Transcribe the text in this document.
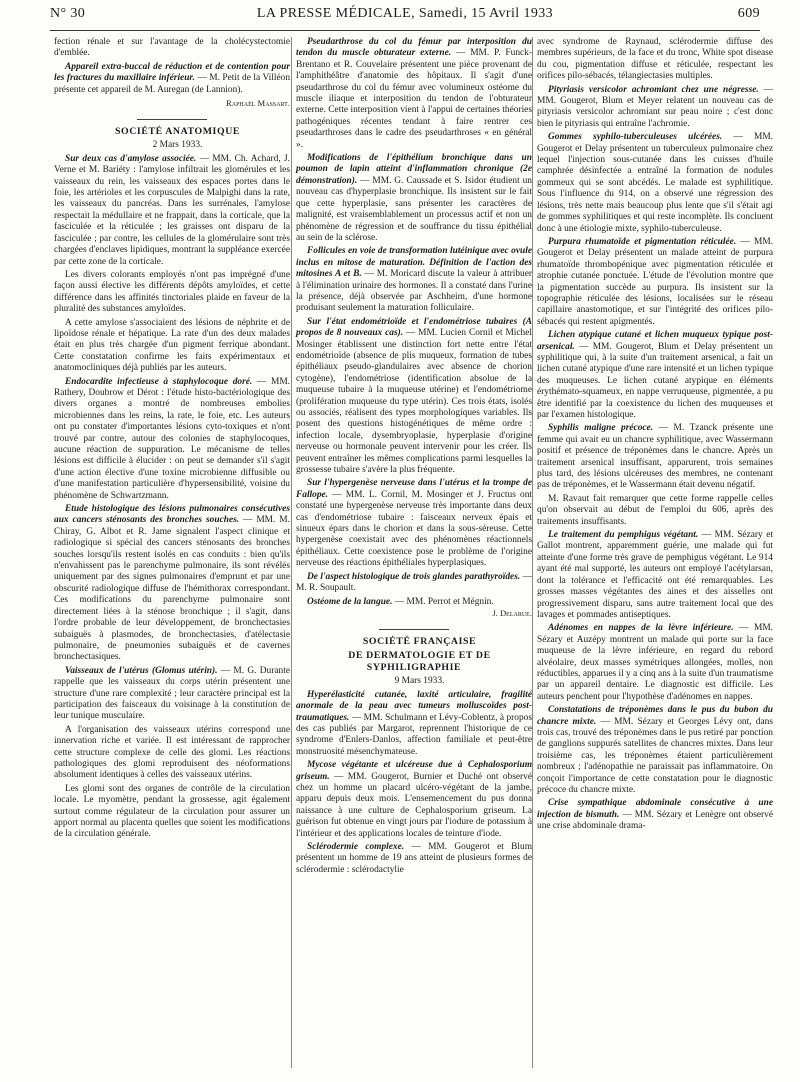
N° 30	LA PRESSE MÉDICALE, Samedi, 15 Avril 1933	609

fection rénale et sur l'avantage de la cholécystectomie d'emblée.

Appareil extra-buccal de réduction et de contention pour les fractures du maxillaire inférieur. — M. Petit de la Villéon présente cet appareil de M. Auregan (de Lannion).

Raphaël Massart.

SOCIÉTÉ ANATOMIQUE

2 Mars 1933.

Sur deux cas d'amylose associée. — MM. Ch. Achard, J. Verne et M. Bariéty : l'amylose infiltrait les glomérules et les vaisseaux du rein, les vaisseaux des espaces portes dans le foie, les artérioles et les corpuscules de Malpighi dans la rate, les vaisseaux du pancréas. Dans les surrénales, l'amylose respectait la médullaire et ne frappait, dans la corticale, que la fasciculée et la réticulée ; les graisses ont disparu de la fasciculée ; par contre, les cellules de la glomérulaire sont très chargées d'enclaves lipidiques, montrant la suppléance exercée par cette zone de la corticale.

Les divers colorants employés n'ont pas imprégné d'une façon aussi élective les différents dépôts amyloïdes, et cette différence dans les affinités tinctoriales plaide en faveur de la pluralité des substances amyloïdes.

A cette amylose s'associaient des lésions de néphrite et de lipoïdose rénale et hépatique. La rate d'un des deux malades était en plus très chargée d'un pigment ferrique abondant. Cette constatation confirme les faits expérimentaux et anatomocliniques déjà publiés par les auteurs.

Endocardite infectieuse à staphylocoque doré. — MM. Rathery, Doubrow et Dérot : l'étude histo-bactériologique des divers organes a montré de nombreuses embolies microbiennes dans les reins, la rate, le foie, etc. Les auteurs ont pu constater d'importantes lésions cyto-toxiques et n'ont trouvé par contre, autour des colonies de staphylocoques, aucune réaction de suppuration. Le mécanisme de telles lésions est difficile à élucider : on peut se demander s'il s'agit d'une action élective d'une toxine microbienne diffusible ou d'une manifestation particulière d'hypersensibilité, voisine du phénomène de Schwartzmann.

Etude histologique des lésions pulmonaires consécutives aux cancers sténosants des bronches souches. — MM. M. Chiray, G. Albot et R. Jame signalent l'aspect clinique et radiologique si spécial des cancers sténosants des bronches souches lorsqu'ils restent isolés en cas conduits : bien qu'ils n'envahissent pas le parenchyme pulmonaire, ils sont révélés uniquement par des signes pulmonaires d'emprunt et par une obscurité radiologique diffuse de l'hémithorax correspondant. Ces modifications du parenchyme pulmonaire sont directement liées à la sténose bronchique ; il s'agit, dans l'ordre probable de leur développement, de bronchectasies subaiguës à plasmodes, de bronchectasies, d'atélectasie pulmonaire, de pneumonies subaiguës et de cavernes bronchectasiques.

Vaisseaux de l'utérus (Glomus utérin). — M. G. Durante rappelle que les vaisseaux du corps utérin présentent une structure d'une rare complexité ; leur caractère principal est la participation des faisceaux du voisinage à la constitution de leur tunique musculaire.

A l'organisation des vaisseaux utérins correspond une innervation riche et variée. Il est intéressant de rapprocher cette structure complexe de celle des glomi. Les réactions pathologiques des glomi reproduisent des néoformations absolument identiques à celles des vaisseaux utérins.

Les glomi sont des organes de contrôle de la circulation locale. Le myomètre, pendant la grossesse, agit également surtout comme régulateur de la circulation pour assurer un apport normal au placenta quelles que soient les modifications de la circulation générale.

Pseudarthrose du col du fémur par interposition du tendon du muscle obturateur externe. — MM. P. Funck-Brentano et R. Couvelaire présentent une pièce provenant de l'amphithéâtre d'anatomie des hôpitaux. Il s'agit d'une pseudarthrose du col du fémur avec volumineux ostéome du muscle iliaque et interposition du tendon de l'obturateur externe. Cette interposition vient à l'appui de certaines théories pathogéniques récentes tendant à faire rentrer ces pseudarthroses dans le cadre des pseudarthroses « en général ».

Modifications de l'épithélium bronchique dans un poumon de lapin atteint d'inflammation chronique (2e démonstration). — MM. G. Caussade et S. Isidor étudient un nouveau cas d'hyperplasie bronchique. Ils insistent sur le fait que cette hyperplasie, sans présenter les caractères de malignité, est vraisemblablement un processus actif et non un phénomène de régression et de souffrance du tissu épithélial au sein de la sclérose.

Follicules en voie de transformation lutéinique avec ovule inclus en mitose de maturation. Définition de l'action des mitosines A et B. — M. Moricard discute la valeur à attribuer à l'élimination urinaire des hormones. Il a constaté dans l'urine la présence, déjà observée par Aschheim, d'une hormone produisant seulement la maturation folliculaire.

Sur l'état endométrioïde et l'endométriose tubaires (A propos de 8 nouveaux cas). — MM. Lucien Cornil et Michel Mosinger établissent une distinction fort nette entre l'état endométrioïde (absence de plis muqueux, formation de tubes épithéliaux pseudo-glandulaires avec absence de chorion cytogène), l'endométriose (identification absolue de la muqueuse tubaire à la muqueuse utérine) et l'endométriome (prolifération muqueuse du type utérin). Ces trois états, isolés ou associés, réalisent des types morphologiques variables. Ils posent des questions histogénétiques de même ordre : infection locale, dysembryoplasie, hyperplasie d'origine nerveuse ou hormonale peuvent intervenir pour les créer. Ils peuvent entraîner les mêmes complications parmi lesquelles la grossesse tubaire s'avère la plus fréquente.

Sur l'hypergenèse nerveuse dans l'utérus et la trompe de Fallope. — MM. L. Cornil, M. Mosinger et J. Fructus ont constaté une hypergenèse nerveuse très importante dans deux cas d'endométriose tubaire : faisceaux nerveux épais et sinueux épars dans le chorion et dans la sous-séreuse. Cette hypergenèse coexistait avec des phénomènes réactionnels épithéliaux. Cette coexistence pose le problème de l'origine nerveuse des réactions épithéliales hyperplasiques.

De l'aspect histologique de trois glandes parathyroïdes. — M. R. Soupault.

Ostéome de la langue. — MM. Perrot et Mégnin.

J. Delarue.

SOCIÉTÉ FRANÇAISE

DE DERMATOLOGIE ET DE SYPHILIGRAPHIE

9 Mars 1933.

Hyperélasticité cutanée, laxité articulaire, fragilité anormale de la peau avec tumeurs molluscoïdes post-traumatiques. — MM. Schulmann et Lévy-Coblentz, à propos des cas publiés par Margarot, reprennent l'historique de ce syndrome d'Enlers-Danlos, affection familiale et peut-être monstruosité mésenchymateuse.

Mycose végétante et ulcéreuse due à Cephalosporium griseum. — MM. Gougerot, Burnier et Duché ont observé chez un homme un placard ulcéro-végétant de la jambe, apparu depuis deux mois. L'ensemencement du pus donna naissance à une culture de Cephalosporium griseum. La guérison fut obtenue en vingt jours par l'iodure de potassium à l'intérieur et des applications locales de teinture d'iode.

Sclérodermie complexe. — MM. Gougerot et Blum présentent un homme de 19 ans atteint de plusieurs formes de sclérodermie : sclérodactylie

avec syndrome de Raynaud, sclérodermie diffuse des membres supérieurs, de la face et du tronc, White spot disease du cou, pigmentation diffuse et réticulée, respectant les orifices pilo-sébacés, télangiectasies multiples.

Pityriasis versicolor achromiant chez une négresse. — MM. Gougerot, Blum et Meyer relatent un nouveau cas de pityriasis versicolor achromiant sur peau noire ; c'est donc bien le pityriasis qui entraîne l'achromie.

Gommes syphilo-tuberculeuses ulcérées. — MM. Gougerot et Delay présentent un tuberculeux pulmonaire chez lequel l'injection sous-cutanée dans les cuisses d'huile camphrée désinfectée a entraîné la formation de nodules gommeux qui se sont abcédés. Le malade est syphilitique. Sous l'influence du 914, on a observé une régression des lésions, très nette mais beaucoup plus lente que s'il s'était agi de gommes syphilitiques et qui reste incomplète. Ils concluent donc à une étiologie mixte, syphilo-tuberculeuse.

Purpura rhumatoïde et pigmentation réticulée. — MM. Gougerot et Delay présentent un malade atteint de purpura rhumatoïde thrombopénique avec pigmentation réticulée et atrophie cutanée ponctuée. L'étude de l'évolution montre que la pigmentation succède au purpura. Ils insistent sur la topographie réticulée des lésions, localisées sur le réseau capillaire anastomotique, et sur l'intégrité des orifices pilo-sébacés qui restent apigmentés.

Lichen atypique cutané et lichen muqueux typique post-arsenical. — MM. Gougerot, Blum et Delay présentent un syphilitique qui, à la suite d'un traitement arsenical, a fait un lichen cutané atypique d'une rare intensité et un lichen typique des muqueuses. Le lichen cutané atypique en éléments érythémato-squameux, en nappe verruqueuse, pigmentée, a pu être identifié par la coexistence du lichen des muqueuses et par l'examen histologique.

Syphilis maligne précoce. — M. Tzanck présente une femme qui avait eu un chancre syphilitique, avec Wassermann positif et présence de tréponèmes dans le chancre. Après un traitement arsenical insuffisant, apparurent, trois semaines plus tard, des lésions ulcéreuses des membres, ne contenant pas de tréponèmes, et le Wassermann était devenu négatif.

M. Ravaut fait remarquer que cette forme rappelle celles qu'on observait au début de l'emploi du 606, après des traitements insuffisants.

Le traitement du pemphigus végétant. — MM. Sézary et Gallot montrent, apparemment guérie, une malade qui fut atteinte d'une forme très grave de pemphigus végétant. Le 914 ayant été mal supporté, les auteurs ont employé l'acétylarsan, dont la tolérance et l'efficacité ont été remarquables. Les grosses masses végétantes des aines et des aisselles ont progressivement disparu, sans autre traitement local que des lavages et pommades antiseptiques.

Adénomes en nappes de la lèvre inférieure. — MM. Sézary et Auzépy montrent un malade qui porte sur la face muqueuse de la lèvre inférieure, en regard du rebord alvéolaire, deux masses symétriques allongées, molles, non réductibles, apparues il y a cinq ans à la suite d'un traumatisme par un appareil dentaire. Le diagnostic est difficile. Les auteurs penchent pour l'hypothèse d'adénomes en nappes.

Constatations de tréponèmes dans le pus du bubon du chancre mixte. — MM. Sézary et Georges Lévy ont, dans trois cas, trouvé des tréponèmes dans le pus retiré par ponction de ganglions suppurés satellites de chancres mixtes. Dans leur troisième cas, les tréponèmes étaient particulièrement nombreux ; l'adénopathie ne paraissait pas inflammatoire. On conçoit l'importance de cette constatation pour le diagnostic précoce du chancre mixte.

Crise sympathique abdominale consécutive à une injection de bismuth. — MM. Sézary et Lenègre ont observé une crise abdominale drama-
